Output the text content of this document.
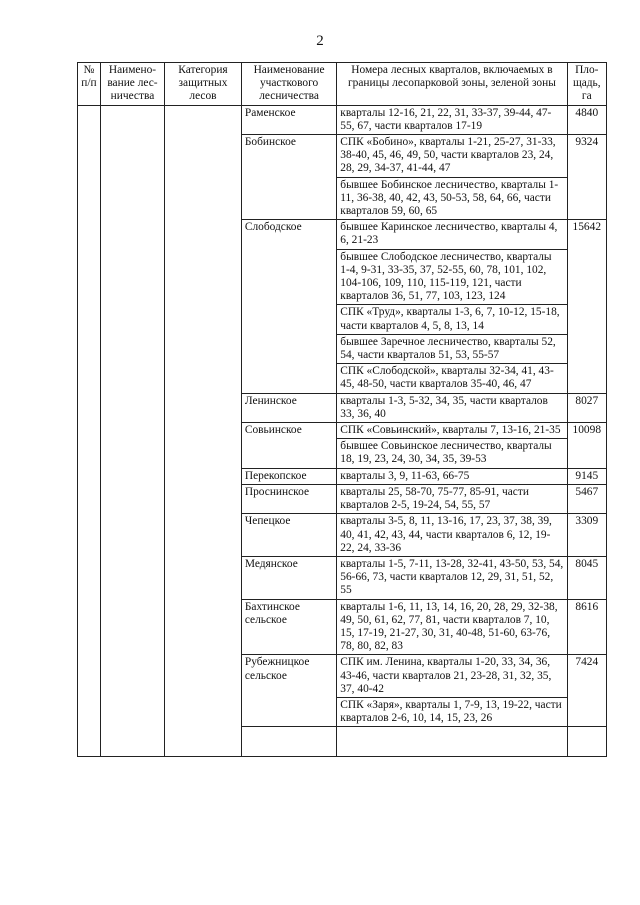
2
№ п/п	Наимено-вание лес-ничества	Категория защитных лесов	Наименование участкового лесничества	Номера лесных кварталов, включаемых в границы лесопарковой зоны, зеленой зоны	Пло-щадь, га
			Раменское	кварталы 12-16, 21, 22, 31, 33-37, 39-44, 47-55, 67, части кварталов 17-19	4840
			Бобинское	СПК «Бобино», кварталы 1-21, 25-27, 31-33, 38-40, 45, 46, 49, 50, части кварталов 23, 24, 28, 29, 34-37, 41-44, 47	9324
				бывшее Бобинское лесничество, кварталы 1-11, 36-38, 40, 42, 43, 50-53, 58, 64, 66, части кварталов 59, 60, 65	
			Слободское	бывшее Каринское лесничество, кварталы 4, 6, 21-23	15642
				бывшее Слободское лесничество, кварталы 1-4, 9-31, 33-35, 37, 52-55, 60, 78, 101, 102, 104-106, 109, 110, 115-119, 121, части кварталов 36, 51, 77, 103, 123, 124	
				СПК «Труд», кварталы 1-3, 6, 7, 10-12, 15-18, части кварталов 4, 5, 8, 13, 14	
				бывшее Заречное лесничество, кварталы 52, 54, части кварталов 51, 53, 55-57	
				СПК «Слободской», кварталы 32-34, 41, 43-45, 48-50, части кварталов 35-40, 46, 47	
			Ленинское	кварталы 1-3, 5-32, 34, 35, части кварталов 33, 36, 40	8027
			Совьинское	СПК «Совьинский», кварталы 7, 13-16, 21-35	10098
				бывшее Совьинское лесничество, кварталы 18, 19, 23, 24, 30, 34, 35, 39-53	
			Перекопское	кварталы 3, 9, 11-63, 66-75	9145
			Проснинское	кварталы 25, 58-70, 75-77, 85-91, части кварталов 2-5, 19-24, 54, 55, 57	5467
			Чепецкое	кварталы 3-5, 8, 11, 13-16, 17, 23, 37, 38, 39, 40, 41, 42, 43, 44, части кварталов 6, 12, 19-22, 24, 33-36	3309
			Медянское	кварталы 1-5, 7-11, 13-28, 32-41, 43-50, 53, 54, 56-66, 73, части кварталов 12, 29, 31, 51, 52, 55	8045
			Бахтинское сельское	кварталы 1-6, 11, 13, 14, 16, 20, 28, 29, 32-38, 49, 50, 61, 62, 77, 81, части кварталов 7, 10, 15, 17-19, 21-27, 30, 31, 40-48, 51-60, 63-76, 78, 80, 82, 83	8616
			Рубежницкое сельское	СПК им. Ленина, кварталы 1-20, 33, 34, 36, 43-46, части кварталов 21, 23-28, 31, 32, 35, 37, 40-42	7424
				СПК «Заря», кварталы 1, 7-9, 13, 19-22, части кварталов 2-6, 10, 14, 15, 23, 26	
